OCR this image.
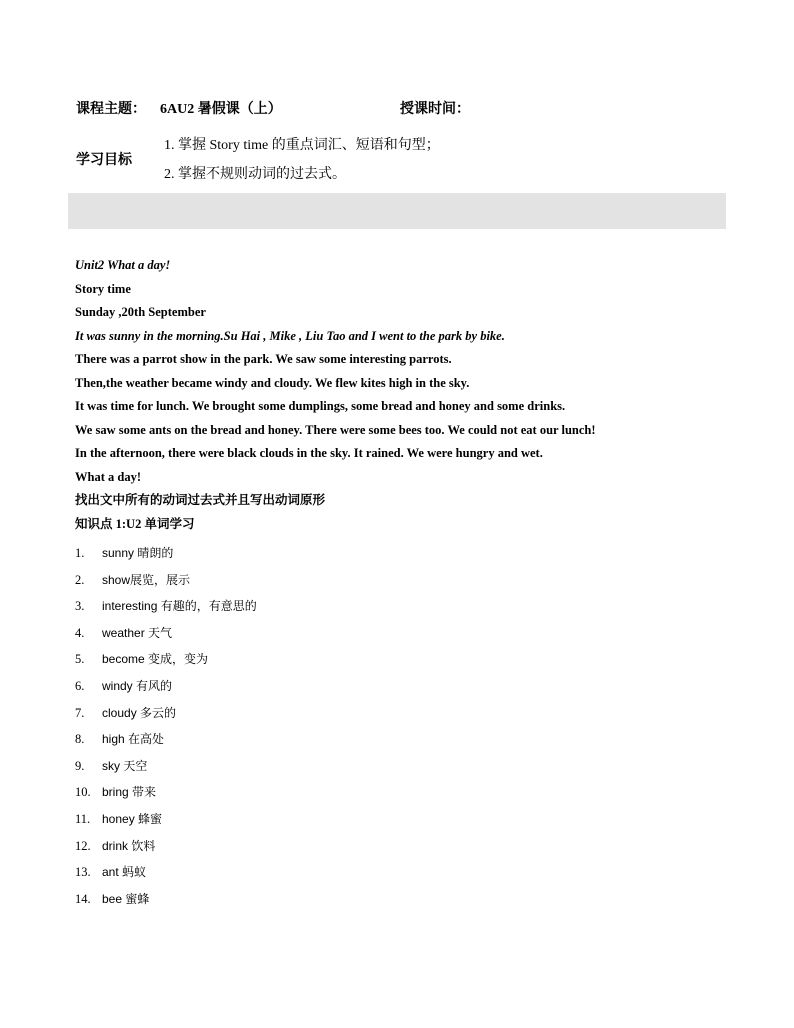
课程主题：	6AU2 暑假课（上）	授课时间：
学习目标
1. 掌握 Story time 的重点词汇、短语和句型；
2. 掌握不规则动词的过去式。
Unit2 What a day!
Story time
Sunday ,20th September
It was sunny in the morning.Su Hai , Mike , Liu Tao and I went to the park by bike.
There was a parrot show in the park. We saw some interesting parrots.
Then,the weather became windy and cloudy. We flew kites high in the sky.
It was time for lunch. We brought some dumplings, some bread and honey and some drinks.
We saw some ants on the bread and honey. There were some bees too. We could not eat our lunch!
In the afternoon, there were black clouds in the sky. It rained. We were hungry and wet.
What a day!
找出文中所有的动词过去式并且写出动词原形
知识点 1:U2 单词学习
1.	sunny 晴朗的
2.	show展览，展示
3.	interesting 有趣的，有意思的
4.	weather 天气
5.	become 变成，变为
6.	windy 有风的
7.	cloudy 多云的
8.	high 在高处
9.	sky 天空
10. bring 带来
11. honey 蜂蜜
12. drink 饮料
13. ant 蚂蚁
14. bee 蜜蜂
